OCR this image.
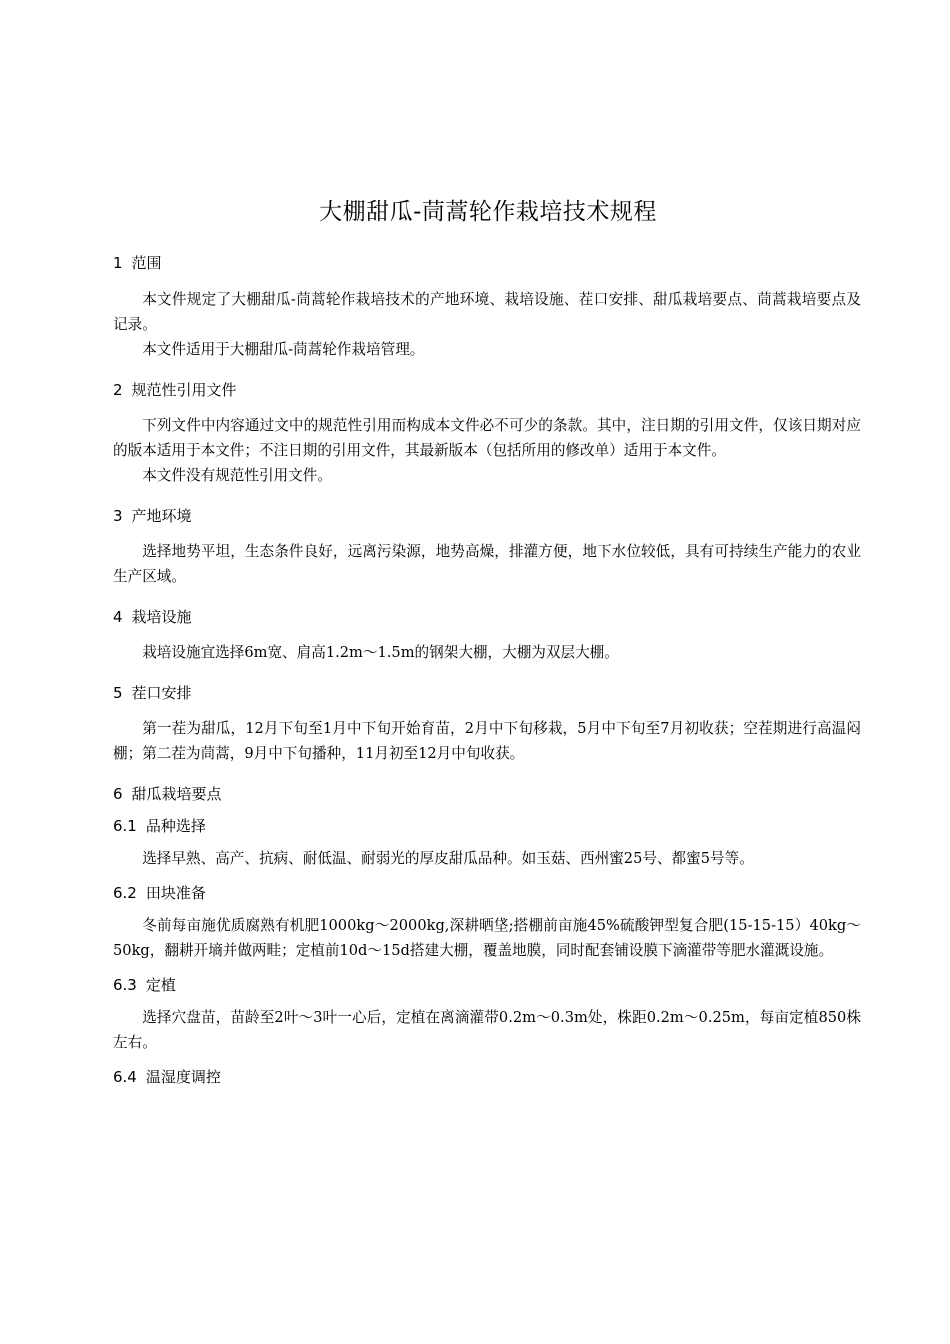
大棚甜瓜-茼蒿轮作栽培技术规程
1 范围

本文件规定了大棚甜瓜-茼蒿轮作栽培技术的产地环境、栽培设施、茬口安排、甜瓜栽培要点、茼蒿栽培要点及记录。

本文件适用于大棚甜瓜-茼蒿轮作栽培管理。

2 规范性引用文件

下列文件中内容通过文中的规范性引用而构成本文件必不可少的条款。其中，注日期的引用文件，仅该日期对应的版本适用于本文件；不注日期的引用文件，其最新版本（包括所用的修改单）适用于本文件。

本文件没有规范性引用文件。

3 产地环境

选择地势平坦，生态条件良好，远离污染源，地势高燥，排灌方便，地下水位较低，具有可持续生产能力的农业生产区域。

4 栽培设施

栽培设施宜选择6m宽、肩高1.2m～1.5m的钢架大棚，大棚为双层大棚。

5 茬口安排

第一茬为甜瓜，12月下旬至1月中下旬开始育苗，2月中下旬移栽，5月中下旬至7月初收获；空茬期进行高温闷棚；第二茬为茼蒿，9月中下旬播种，11月初至12月中旬收获。

6 甜瓜栽培要点
6.1 品种选择

选择早熟、高产、抗病、耐低温、耐弱光的厚皮甜瓜品种。如玉菇、西州蜜25号、都蜜5号等。

6.2 田块准备

冬前每亩施优质腐熟有机肥1000kg～2000kg,深耕晒垡;搭棚前亩施45%硫酸钾型复合肥(15-15-15）40kg～50kg，翻耕开墒并做两畦；定植前10d～15d搭建大棚，覆盖地膜，同时配套铺设膜下滴灌带等肥水灌溉设施。

6.3 定植

选择穴盘苗，苗龄至2叶～3叶一心后，定植在离滴灌带0.2m～0.3m处，株距0.2m～0.25m，每亩定植850株左右。

6.4 温湿度调控
